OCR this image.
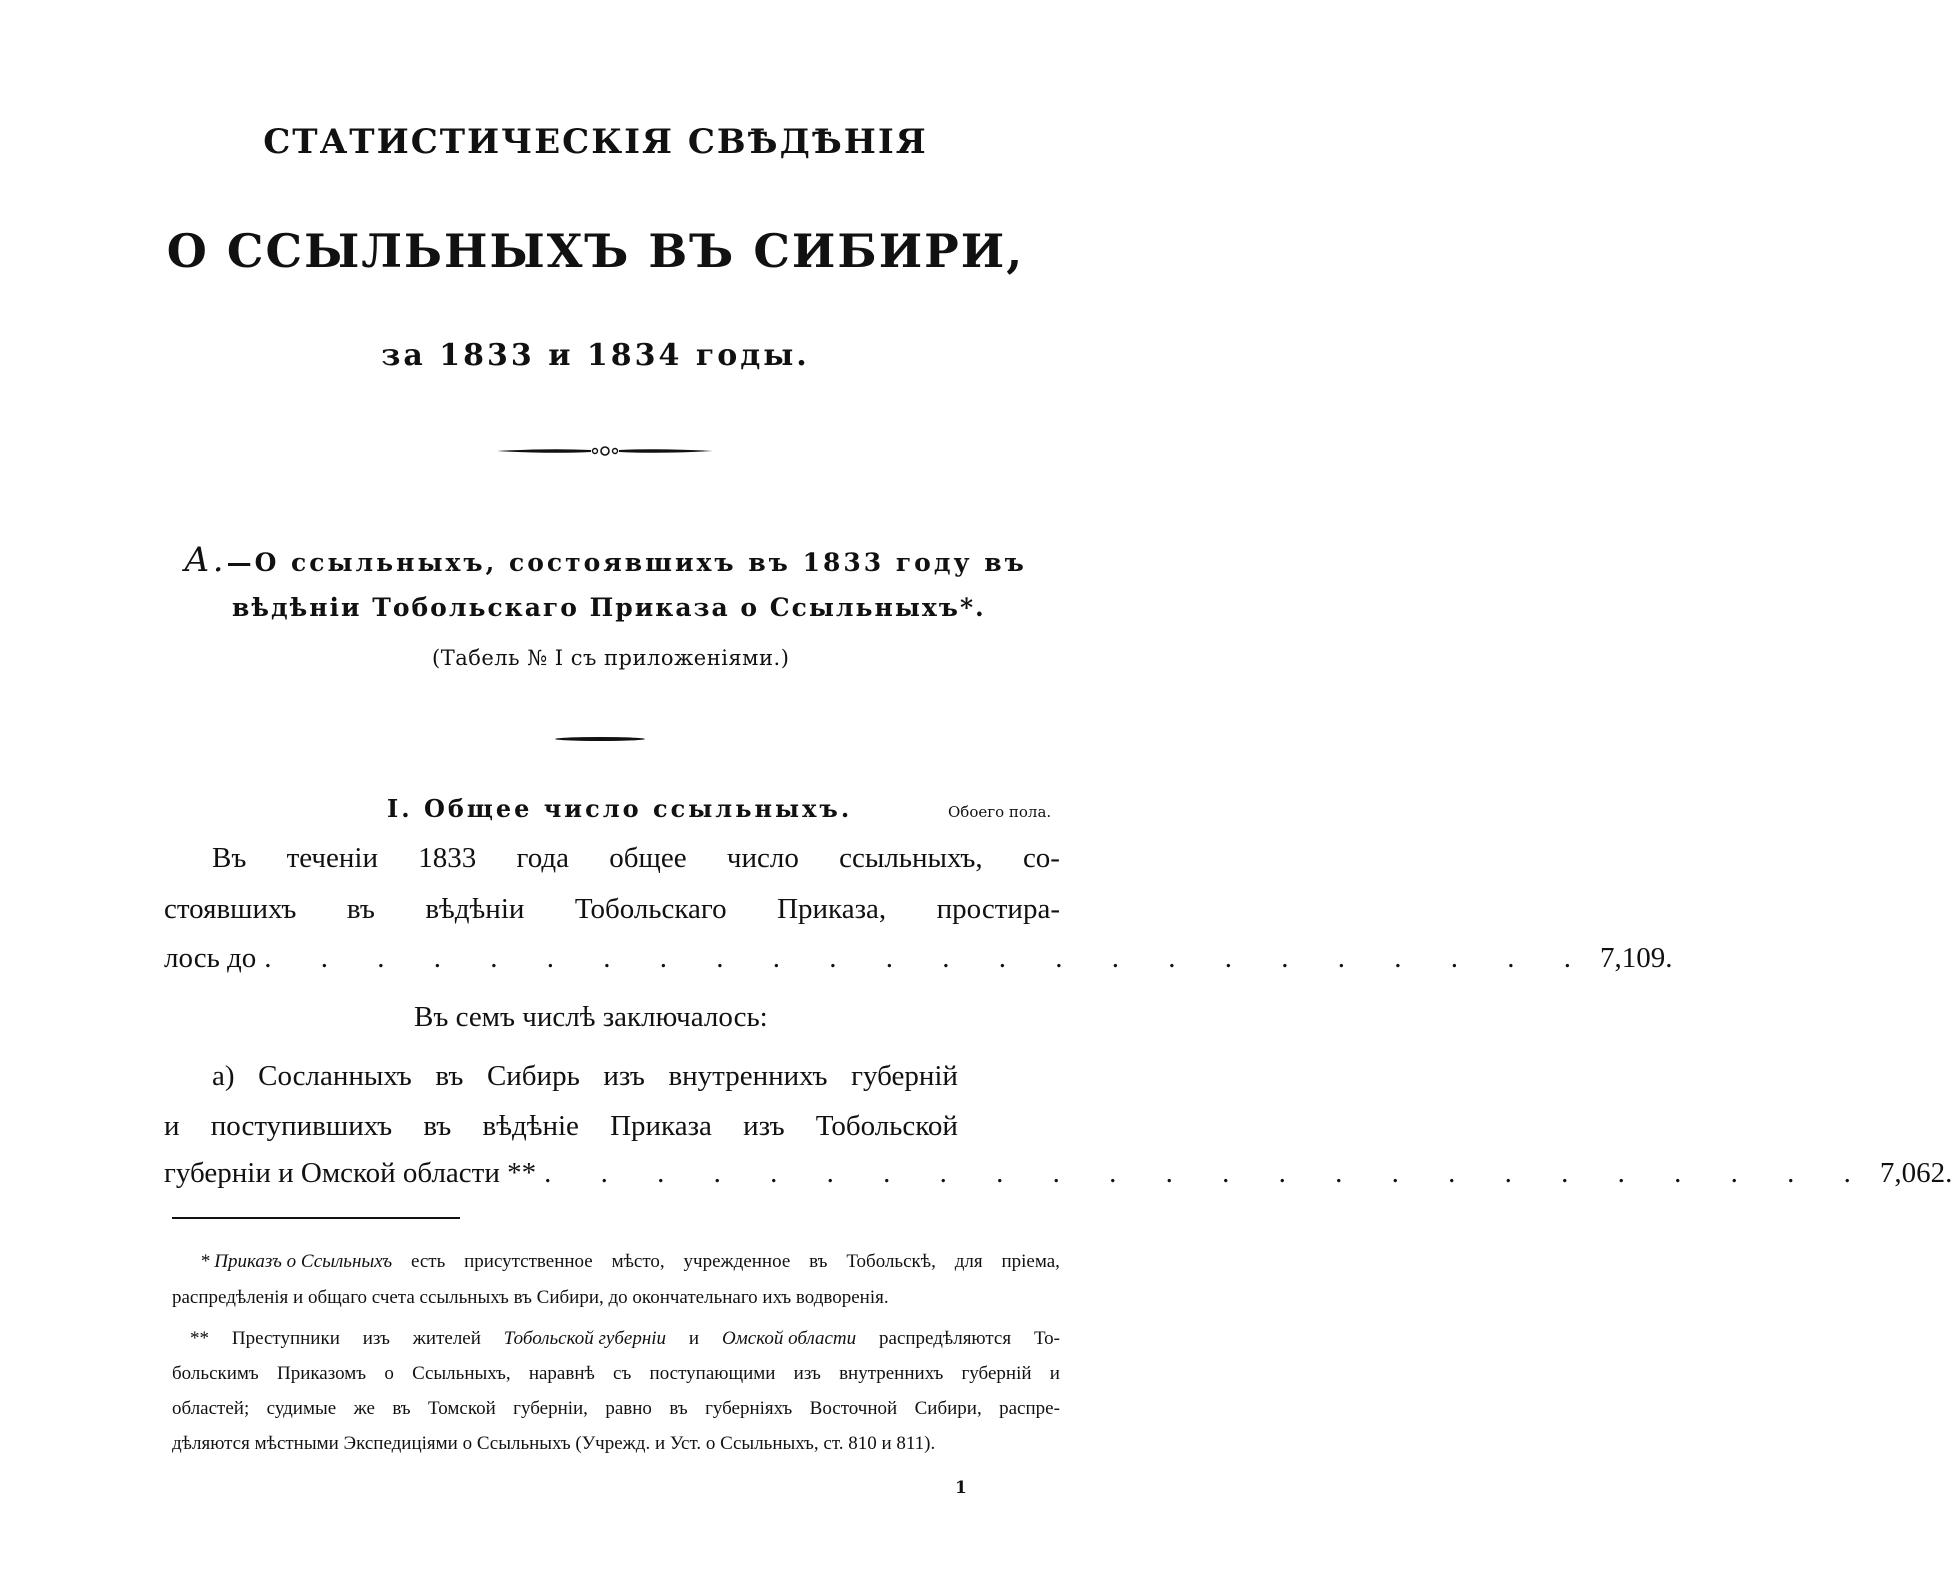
СТАТИСТИЧЕСКІЯ СВѢДѢНІЯ
О ССЫЛЬНЫХЪ ВЪ СИБИРИ,
за 1833 и 1834 годы.
А.—О ссыльныхъ, состоявшихъ въ 1833 году въ
вѣдѣніи Тобольскаго Приказа о Ссыльныхъ*.
(Табель № I съ приложеніями.)
I. Общее число ссыльныхъ.	Обоего пола.
Въ теченіи 1833 года общее число ссыльныхъ, со-
стоявшихъ въ вѣдѣніи Тобольскаго Приказа, простира-
лось до . . . . . . . . . . . . . . . . . . . . . . . . 7,109.
Въ семъ числѣ заключалось:
а) Сосланныхъ въ Сибирь изъ внутреннихъ губерній
и поступившихъ въ вѣдѣніе Приказа изъ Тобольской
губерніи и Омской области ** . . . . . . . . . . . . . . . . . . . . . . . . 7,062.
* Приказъ о Ссыльныхъ есть присутственное мѣсто, учрежденное въ Тобольскѣ, для пріема,
распредѣленія и общаго счета ссыльныхъ въ Сибири, до окончательнаго ихъ водворенія.
** Преступники изъ жителей Тобольской губерніи и Омской области распредѣляются То-
больскимъ Приказомъ о Ссыльныхъ, наравнѣ съ поступающими изъ внутреннихъ губерній и
областей; судимые же въ Томской губерніи, равно въ губерніяхъ Восточной Сибири, распре-
дѣляются мѣстными Экспедиціями о Ссыльныхъ (Учрежд. и Уст. о Ссыльныхъ, ст. 810 и 811).
1
